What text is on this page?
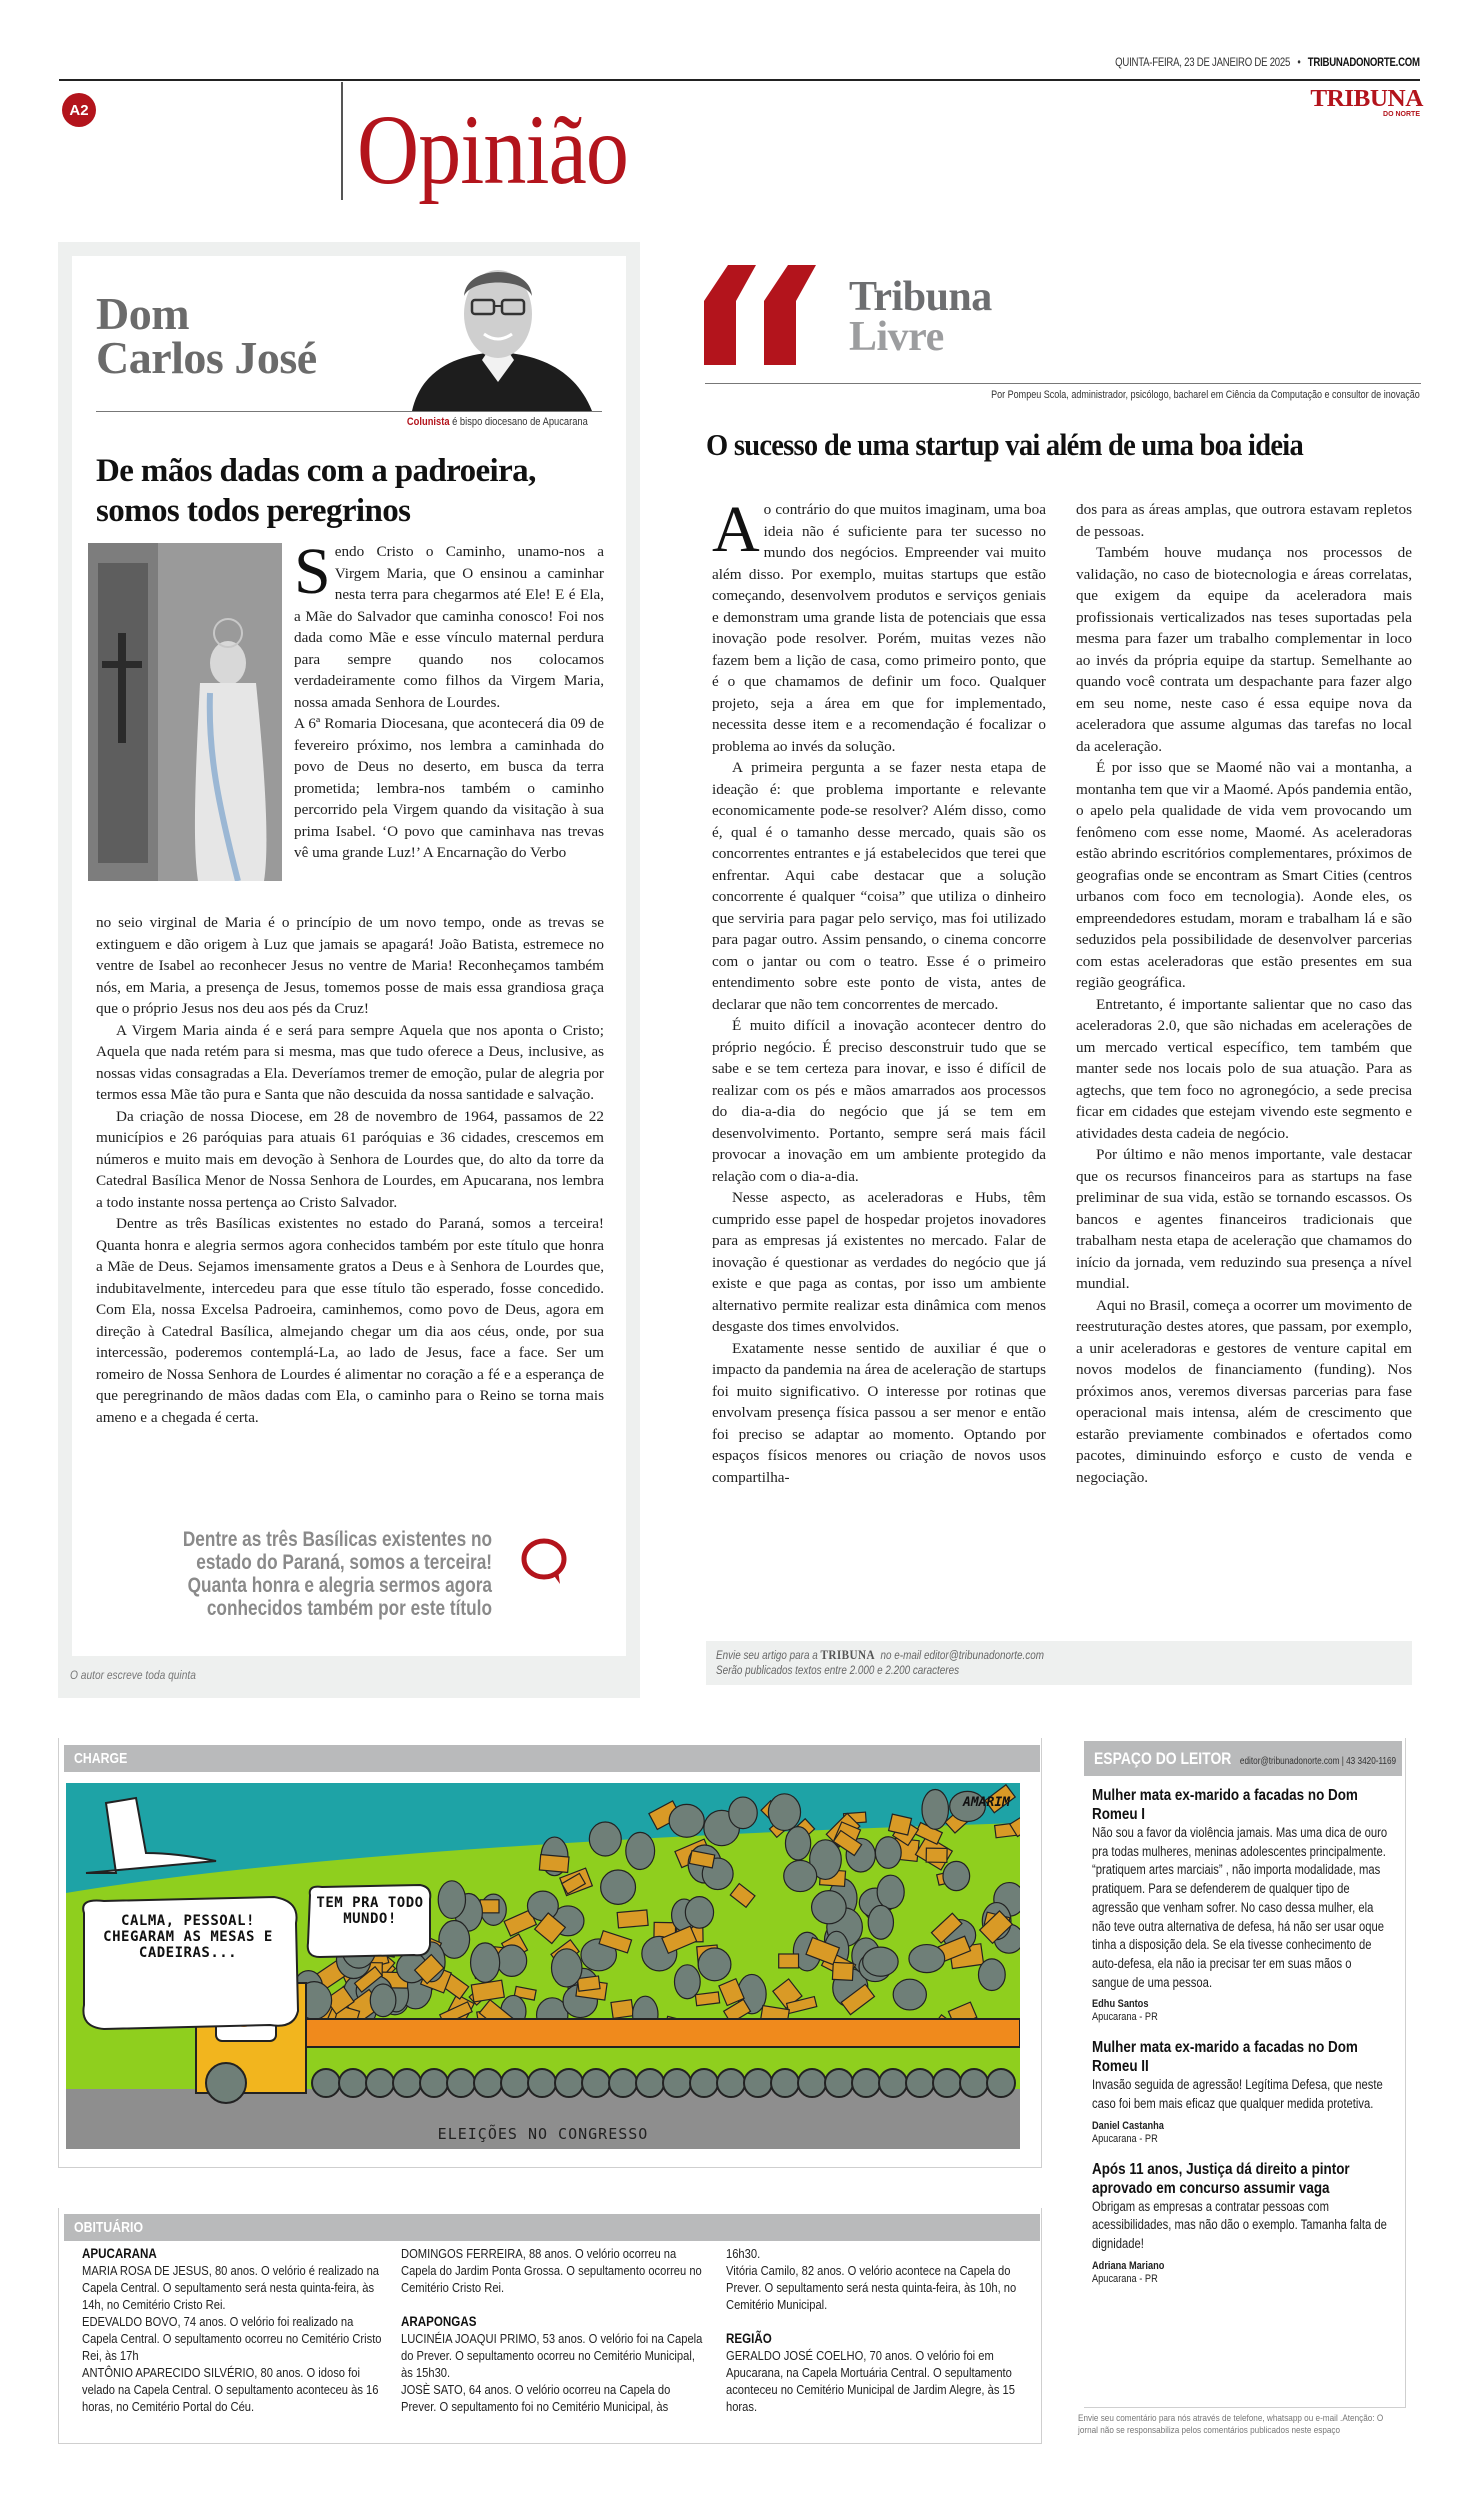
QUINTA-FEIRA, 23 DE JANEIRO DE 2025 • TRIBUNADONORTE.COM
A2	Opinião	TRIBUNA
DO NORTE
Dom
Carlos José
Colunista é bispo diocesano de Apucarana
De mãos dadas com a padroeira, somos todos peregrinos

Sendo Cristo o Caminho, unamo-nos a Virgem Maria, que O ensinou a caminhar nesta terra para chegarmos até Ele! E é Ela, a Mãe do Salvador que caminha conosco! Foi nos dada como Mãe e esse vínculo maternal perdura para sempre quando nos colocamos verdadeiramente como filhos da Virgem Maria, nossa amada Senhora de Lourdes.

A 6ª Romaria Diocesana, que acontecerá dia 09 de fevereiro próximo, nos lembra a caminhada do povo de Deus no deserto, em busca da terra prometida; lembra-nos também o caminho percorrido pela Virgem quando da visitação à sua prima Isabel. ‘O povo que caminhava nas trevas vê uma grande Luz!’ A Encarnação do Verbo

no seio virginal de Maria é o princípio de um novo tempo, onde as trevas se extinguem e dão origem à Luz que jamais se apagará! João Batista, estremece no ventre de Isabel ao reconhecer Jesus no ventre de Maria! Reconheçamos também nós, em Maria, a presença de Jesus, tomemos posse de mais essa grandiosa graça que o próprio Jesus nos deu aos pés da Cruz!

A Virgem Maria ainda é e será para sempre Aquela que nos aponta o Cristo; Aquela que nada retém para si mesma, mas que tudo oferece a Deus, inclusive, as nossas vidas consagradas a Ela. Deveríamos tremer de emoção, pular de alegria por termos essa Mãe tão pura e Santa que não descuida da nossa santidade e salvação.

Da criação de nossa Diocese, em 28 de novembro de 1964, passamos de 22 municípios e 26 paróquias para atuais 61 paróquias e 36 cidades, crescemos em números e muito mais em devoção à Senhora de Lourdes que, do alto da torre da Catedral Basílica Menor de Nossa Senhora de Lourdes, em Apucarana, nos lembra a todo instante nossa pertença ao Cristo Salvador.

Dentre as três Basílicas existentes no estado do Paraná, somos a terceira! Quanta honra e alegria sermos agora conhecidos também por este título que honra a Mãe de Deus. Sejamos imensamente gratos a Deus e à Senhora de Lourdes que, indubitavelmente, intercedeu para que esse título tão esperado, fosse concedido. Com Ela, nossa Excelsa Padroeira, caminhemos, como povo de Deus, agora em direção à Catedral Basílica, almejando chegar um dia aos céus, onde, por sua intercessão, poderemos contemplá-La, ao lado de Jesus, face a face. Ser um romeiro de Nossa Senhora de Lourdes é alimentar no coração a fé e a esperança de que peregrinando de mãos dadas com Ela, o caminho para o Reino se torna mais ameno e a chegada é certa.

Dentre as três Basílicas existentes no estado do Paraná, somos a terceira! Quanta honra e alegria sermos agora conhecidos também por este título
O autor escreve toda quinta
Tribuna
Livre
Por Pompeu Scola, administrador, psicólogo, bacharel em Ciência da Computação e consultor de inovação
O sucesso de uma startup vai além de uma boa ideia

Ao contrário do que muitos imaginam, uma boa ideia não é suficiente para ter sucesso no mundo dos negócios. Empreender vai muito além disso. Por exemplo, muitas startups que estão começando, desenvolvem produtos e serviços geniais e demonstram uma grande lista de potenciais que essa inovação pode resolver. Porém, muitas vezes não fazem bem a lição de casa, como primeiro ponto, que é o que chamamos de definir um foco. Qualquer projeto, seja a área em que for implementado, necessita desse item e a recomendação é focalizar o problema ao invés da solução.

A primeira pergunta a se fazer nesta etapa de ideação é: que problema importante e relevante economicamente pode-se resolver? Além disso, como é, qual é o tamanho desse mercado, quais são os concorrentes entrantes e já estabelecidos que terei que enfrentar. Aqui cabe destacar que a solução concorrente é qualquer “coisa” que utiliza o dinheiro que serviria para pagar pelo serviço, mas foi utilizado para pagar outro. Assim pensando, o cinema concorre com o jantar ou com o teatro. Esse é o primeiro entendimento sobre este ponto de vista, antes de declarar que não tem concorrentes de mercado.

É muito difícil a inovação acontecer dentro do próprio negócio. É preciso desconstruir tudo que se sabe e se tem certeza para inovar, e isso é difícil de realizar com os pés e mãos amarrados aos processos do dia-a-dia do negócio que já se tem em desenvolvimento. Portanto, sempre será mais fácil provocar a inovação em um ambiente protegido da relação com o dia-a-dia.

Nesse aspecto, as aceleradoras e Hubs, têm cumprido esse papel de hospedar projetos inovadores para as empresas já existentes no mercado. Falar de inovação é questionar as verdades do negócio que já existe e que paga as contas, por isso um ambiente alternativo permite realizar esta dinâmica com menos desgaste dos times envolvidos.

Exatamente nesse sentido de auxiliar é que o impacto da pandemia na área de aceleração de startups foi muito significativo. O interesse por rotinas que envolvam presença física passou a ser menor e então foi preciso se adaptar ao momento. Optando por espaços físicos menores ou criação de novos usos compartilha-

dos para as áreas amplas, que outrora estavam repletos de pessoas.

Também houve mudança nos processos de validação, no caso de biotecnologia e áreas correlatas, que exigem da equipe da aceleradora mais profissionais verticalizados nas teses suportadas pela mesma para fazer um trabalho complementar in loco ao invés da própria equipe da startup. Semelhante ao quando você contrata um despachante para fazer algo em seu nome, neste caso é essa equipe nova da aceleradora que assume algumas das tarefas no local da aceleração.

É por isso que se Maomé não vai a montanha, a montanha tem que vir a Maomé. Após pandemia então, o apelo pela qualidade de vida vem provocando um fenômeno com esse nome, Maomé. As aceleradoras estão abrindo escritórios complementares, próximos de geografias onde se encontram as Smart Cities (centros urbanos com foco em tecnologia). Aonde eles, os empreendedores estudam, moram e trabalham lá e são seduzidos pela possibilidade de desenvolver parcerias com estas aceleradoras que estão presentes em sua região geográfica.

Entretanto, é importante salientar que no caso das aceleradoras 2.0, que são nichadas em acelerações de um mercado vertical específico, tem também que manter sede nos locais polo de sua atuação. Para as agtechs, que tem foco no agronegócio, a sede precisa ficar em cidades que estejam vivendo este segmento e atividades desta cadeia de negócio.

Por último e não menos importante, vale destacar que os recursos financeiros para as startups na fase preliminar de sua vida, estão se tornando escassos. Os bancos e agentes financeiros tradicionais que trabalham nesta etapa de aceleração que chamamos do início da jornada, vem reduzindo sua presença a nível mundial.

Aqui no Brasil, começa a ocorrer um movimento de reestruturação destes atores, que passam, por exemplo, a unir aceleradoras e gestores de venture capital em novos modelos de financiamento (funding). Nos próximos anos, veremos diversas parcerias para fase operacional mais intensa, além de crescimento que estarão previamente combinados e ofertados como pacotes, diminuindo esforço e custo de venda e negociação.

Envie seu artigo para a TRIBUNA no e-mail editor@tribunadonorte.com
Serão publicados textos entre 2.000 e 2.200 caracteres
CHARGE
CALMA, PESSOAL! CHEGARAM AS MESAS E CADEIRAS...
TEM PRA TODO MUNDO!
AMARIM
ELEIÇÕES NO CONGRESSO
OBITUÁRIO
APUCARANA
MARIA ROSA DE JESUS, 80 anos. O velório é realizado na Capela Central. O sepultamento será nesta quinta-feira, às 14h, no Cemitério Cristo Rei.
EDEVALDO BOVO, 74 anos. O velório foi realizado na Capela Central. O sepultamento ocorreu no Cemitério Cristo Rei, às 17h
ANTÔNIO APARECIDO SILVÉRIO, 80 anos. O idoso foi velado na Capela Central. O sepultamento aconteceu às 16 horas, no Cemitério Portal do Céu.
DOMINGOS FERREIRA, 88 anos. O velório ocorreu na Capela do Jardim Ponta Grossa. O sepultamento ocorreu no Cemitério Cristo Rei.
ARAPONGAS
LUCINÉIA JOAQUI PRIMO, 53 anos. O velório foi na Capela do Prever. O sepultamento ocorreu no Cemitério Municipal, às 15h30.
JOSÈ SATO, 64 anos. O velório ocorreu na Capela do Prever. O sepultamento foi no Cemitério Municipal, às
16h30.
Vitória Camilo, 82 anos. O velório acontece na Capela do Prever. O sepultamento será nesta quinta-feira, às 10h, no Cemitério Municipal.
REGIÃO
GERALDO JOSÉ COELHO, 70 anos. O velório foi em Apucarana, na Capela Mortuária Central. O sepultamento aconteceu no Cemitério Municipal de Jardim Alegre, às 15 horas.
ESPAÇO DO LEITOR editor@tribunadonorte.com | 43 3420-1169
Mulher mata ex-marido a facadas no Dom Romeu I

Não sou a favor da violência jamais. Mas uma dica de ouro pra todas mulheres, meninas adolescentes principalmente. “pratiquem artes marciais” , não importa modalidade, mas pratiquem. Para se defenderem de qualquer tipo de agressão que venham sofrer. No caso dessa mulher, ela não teve outra alternativa de defesa, há não ser usar oque tinha a disposição dela. Se ela tivesse conhecimento de auto-defesa, ela não ia precisar ter em suas mãos o sangue de uma pessoa.

Edhu Santos
Apucarana - PR
Mulher mata ex-marido a facadas no Dom Romeu II

Invasão seguida de agressão! Legítima Defesa, que neste caso foi bem mais eficaz que qualquer medida protetiva.

Daniel Castanha
Apucarana - PR
Após 11 anos, Justiça dá direito a pintor aprovado em concurso assumir vaga

Obrigam as empresas a contratar pessoas com acessibilidades, mas não dão o exemplo. Tamanha falta de dignidade!

Adriana Mariano
Apucarana - PR
Envie seu comentário para nós através de telefone, whatsapp ou e-mail .Atenção: O jornal não se responsabiliza pelos comentários publicados neste espaço
